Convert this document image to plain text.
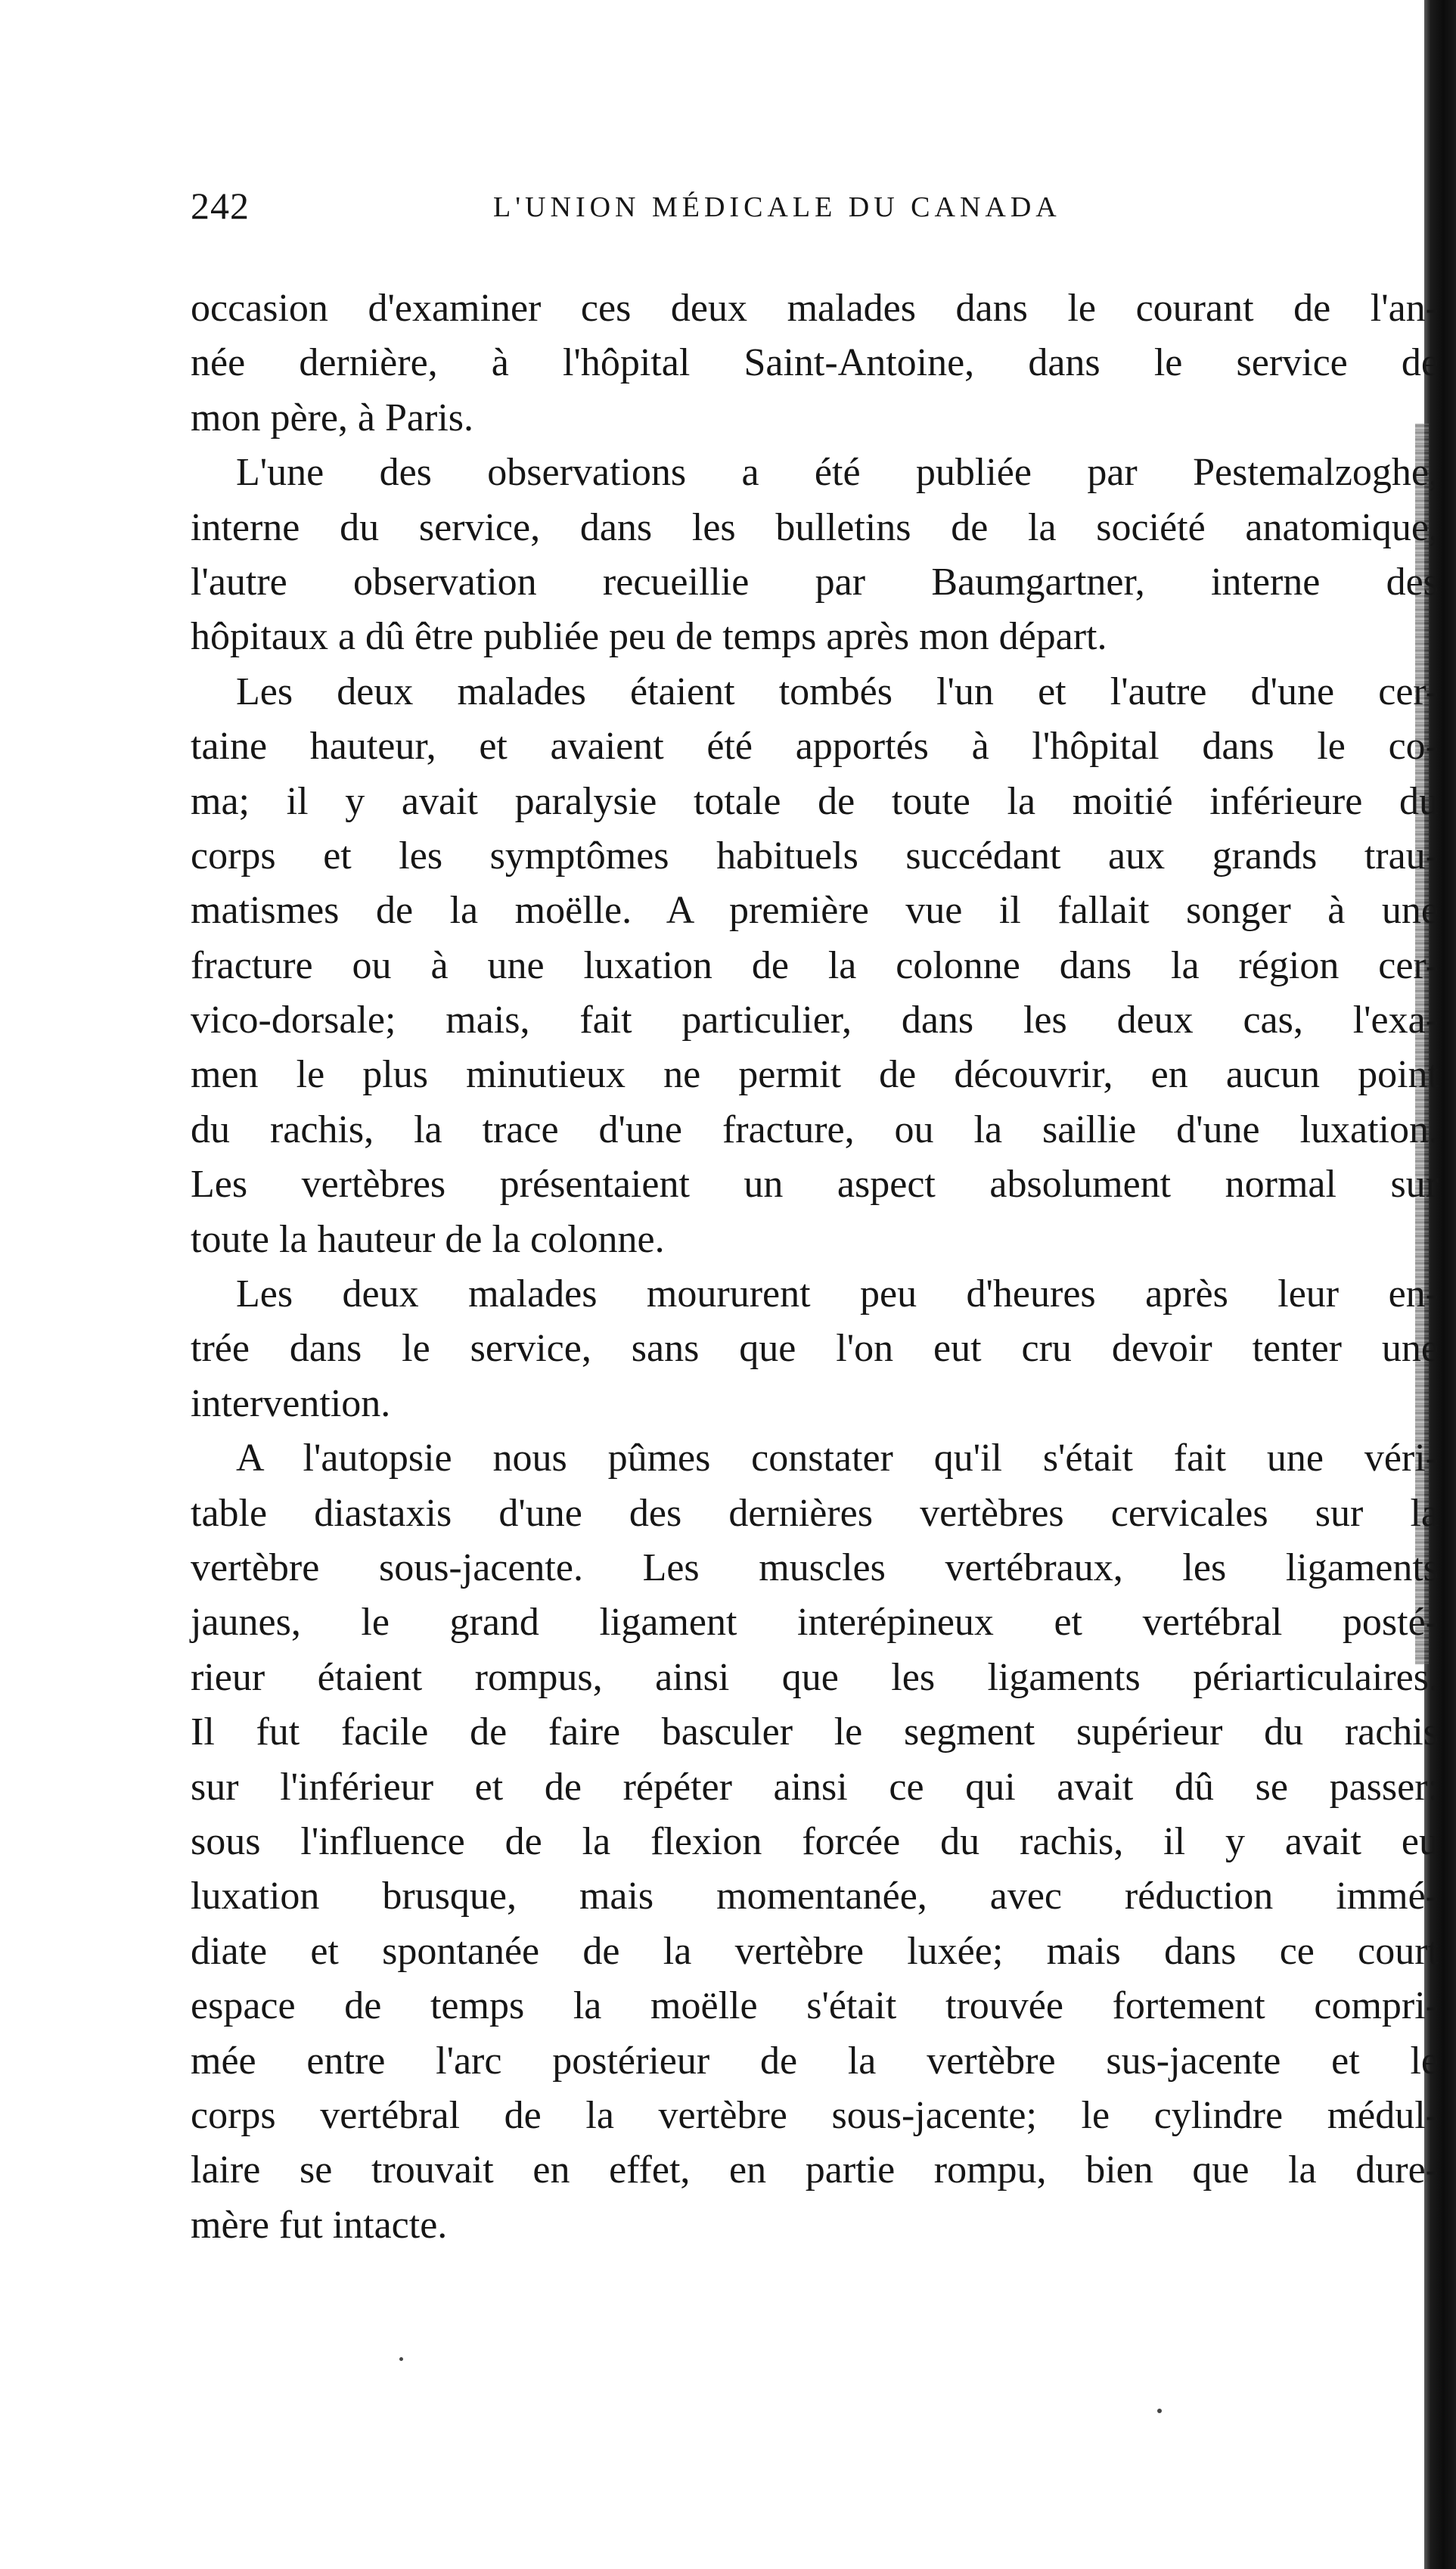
242	L'UNION MÉDICALE DU CANADA
occasion d'examiner ces deux malades dans le courant de l'an-
née dernière, à l'hôpital Saint-Antoine, dans le service de
mon père, à Paris.
L'une des observations a été publiée par Pestemalzoghe,
interne du service, dans les bulletins de la société anatomique,
l'autre observation recueillie par Baumgartner, interne des
hôpitaux a dû être publiée peu de temps après mon départ.
Les deux malades étaient tombés l'un et l'autre d'une cer-
taine hauteur, et avaient été apportés à l'hôpital dans le co-
ma; il y avait paralysie totale de toute la moitié inférieure du
corps et les symptômes habituels succédant aux grands trau-
matismes de la moëlle. A première vue il fallait songer à une
fracture ou à une luxation de la colonne dans la région cer-
vico-dorsale; mais, fait particulier, dans les deux cas, l'exa-
men le plus minutieux ne permit de découvrir, en aucun point
du rachis, la trace d'une fracture, ou la saillie d'une luxation.
Les vertèbres présentaient un aspect absolument normal sur
toute la hauteur de la colonne.
Les deux malades moururent peu d'heures après leur en-
trée dans le service, sans que l'on eut cru devoir tenter une
intervention.
A l'autopsie nous pûmes constater qu'il s'était fait une véri-
table diastaxis d'une des dernières vertèbres cervicales sur la
vertèbre sous-jacente. Les muscles vertébraux, les ligaments
jaunes, le grand ligament interépineux et vertébral posté-
rieur étaient rompus, ainsi que les ligaments périarticulaires.
Il fut facile de faire basculer le segment supérieur du rachis
sur l'inférieur et de répéter ainsi ce qui avait dû se passer:
sous l'influence de la flexion forcée du rachis, il y avait eu
luxation brusque, mais momentanée, avec réduction immé-
diate et spontanée de la vertèbre luxée; mais dans ce court
espace de temps la moëlle s'était trouvée fortement compri-
mée entre l'arc postérieur de la vertèbre sus-jacente et le
corps vertébral de la vertèbre sous-jacente; le cylindre médul-
laire se trouvait en effet, en partie rompu, bien que la dure-
mère fut intacte.
